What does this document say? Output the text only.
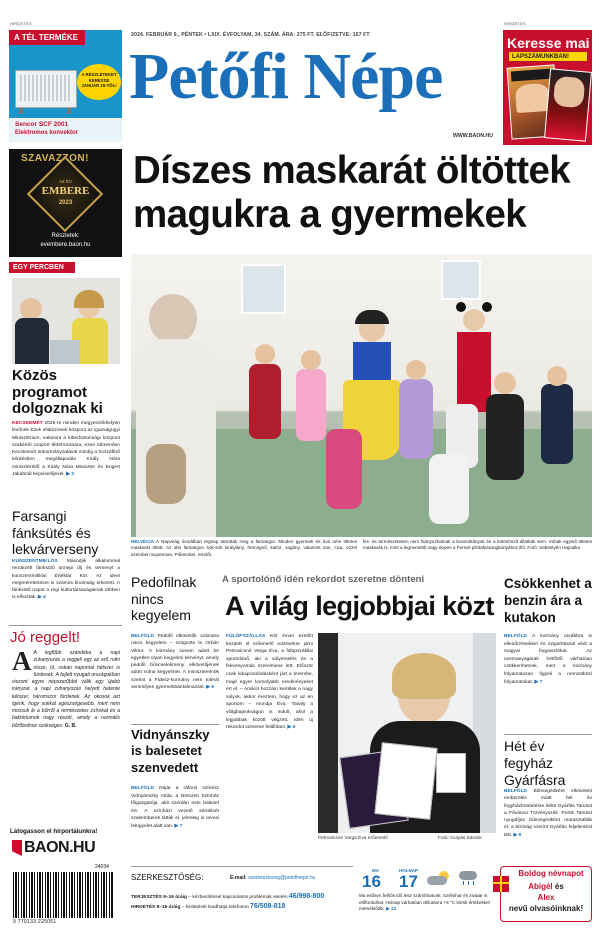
HIRDETÉS	HIRDETÉS
A TÉL TERMÉKE
A RÉSZLETEKET KERESSE JANUÁR 25-TŐL!
Sencor SCF 2001
Elektromos konvektor
2024. FEBRUÁR 9., PÉNTEK • LXIX. ÉVFOLYAM, 34. SZÁM. ÁRA: 275 FT. ELŐFIZETVE: 167 FT
Petőfi Népe
WWW.BAON.HU
Keresse mai
LAPSZÁMUNKBAN!
SZAVAZZON!
AZ ÉV
EMBERE
2023
Részletek:
evembere.baon.hu
Díszes maskarát öltöttek magukra a gyermekek
HELVÉCIA A Napvirág óvodában tegnap tartották meg a farsangot. Minden gyermek és óvó néni ötletes maskarát öltött. Az idei farsangon sok-sok királylány, hercegnő, kalóz, vagány, valamint sün, cica, ezzel szemben Superman, Pókember, rendőr,
kis- és természetesen nem hiányozhatnak a boszorkányok és a különböző állatkák sem. Vohak egyedi ötletes maskarák is, mint a legnemebb vagy éppen a Ferrari-pilótafarsangkártyához illő. Fotó: Sebestyén Hajnalka
EGY PERCBEN
Közös programot dolgoznak ki
KECSKEMÉT 2025-re minden megyeszékhelyen lévőnek Ezek ellátózonek központ az igazságügyi Minisztérium, valamint a kiberbiztonsági központ szakértői csoport létrehozására, ezen túlmenően Kecskemét önkormányzatával mindig a hozzáférő kérdésben megállapodás Király Nóra miniszterétől a Király Nóra Miniszter és Engert Jakabnál képviselőjével. ▶ 3
Farsangi fánksütés és lekvárverseny
KUNSZENTMIKLÓS Másodjik alkalommal rendezett fánksütő ünnepi díj és versenyt a kunszentmiklósi Értéktár Kör. Az ideei megmérettetésre is számos finomság érkezett. A fánksütő napot a régi kultúrtársaságainak többen is elhoztak. ▶ 4
Jó reggelt!
A A legfőbb szándéka a napi zuhanyozás a reggeli egy az erő rutin része, ül, sokan napontal hétszer is fürdenek. A fejlett nyugati országokban viszont egyre népszerűbbé válik egy újabb irányzat, a napi zuhanyozás helyett hetente kétszer, háromszor fürdenek. Az okosok azt ígérik, hogy sokkal egészségesebb, mert nem mossuk le a bőrről a természetes zsírokat és a baktériumok nagy részét, amely a normális bőrflórához szükséges. G. B.
Látogasson el hírportálunkra!
BAON.HU
Pedofilnak nincs kegyelem
BELFÖLD Pedofil elkövetők számára nincs kegyelem – szögezte le Orbán Viktor. A kormány sosem adott be egyetlen olyan kegyelmi kérvényt, amely pedofil bűncselekmény elkövetőjének adott volna kegyelmet. A miniszterelnök szerint a Fidesz-kormány nem tolerál semmilyen gyermekbántalmazást. ▶ 5
Vidnyánszky is balesetet szenvedett
BELFÖLD Rájár a ráfonó színész Vidnyánszky Attila, a Nemzeti Színház főigazgatója, akit szerdán este baleset ért. A színházi vezető sérülését szakemberek látták el, jelenleg is orvosi felügyelet alatt van. ▶ 7
A sportolónő idén rekordot szeretne dönteni
A világ legjobbjai közt
FÜLÖPSZÁLLÁS Két évvel ezelőtt kezdett el erőemelő edzésekre járni Petrovicsné Varga Éva, a fülöpszállási sportolónő, aki a súlyemelés és a fekvenyomás szerelmese lett. Először csak kikapcsolódásként járt a terembe, majd egyre komolyabb eredményeket ért el. – Amikor hozzám kerültek a nagy súlyok, akkor éreztem, hogy ez az én sportom – mondja Éva. Tavaly a világbajnokságon is indult, ahol a legjobbak között végzett. Idén új rekordot szeretne felállítani. ▶ 6
Petrovicsné Varga Éva erőemelő	Fotó: Gulyás Sándor
Csökkenhet a benzin ára a kutakon
BELFÖLD A kormány továbbra is ellenőrzésekkel és szigorítással védi a magyar fogyasztókat. Az üzemanyagárak hétfőtől várhatóan csökkenhetnek, mert a kormány folyamatosan figyeli a nemzetközi folyamatokat. ▶ 7
Hét év fegyház Gyárfásra
BELFÖLD Bűnsegédként elkövetett emberölés miatt hét év fegyházbüntetésre ítélte Gyárfás Tamást a Fővárosi Törvényszék. Portik Tamást nyugdíjas bűnsegédként marasztalták el, a bíróság szerint Gyárfás feljelentést tett. ▶ 9
24034
9 770133 225051
SZERKESZTŐSÉG:	E-mail: szerkesztoseg@petofinepe.hu
TERJESZTÉS 8–16 óráig – kézbesítéssel kapcsolatos problémák esetén 46/998-800
HIRDETÉS 8–16 óráig – hirdetését leadhatja telefonon 76/508-818
MA
16
HOLNAP
17
Ma esősen felhős idő lesz számíthatunk. Szélvihar és zivatar is előfordulhat. Holnap várhatóan délutánra +5 °C körüli értékekkel mérséklődik. ▶ 13
Boldog névnapot
Abigél és
Alex
nevű olvasóinknak!
